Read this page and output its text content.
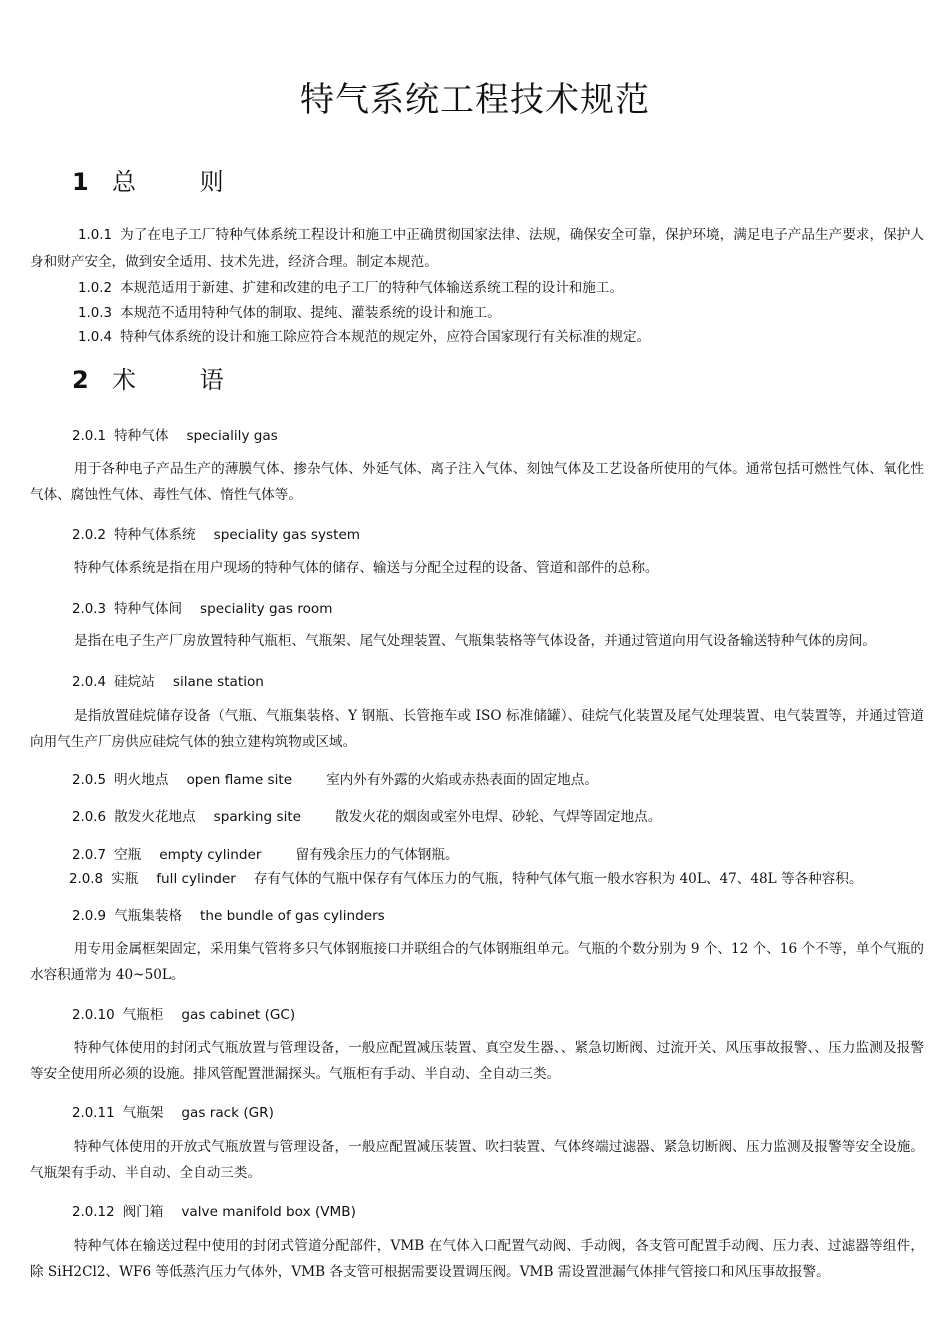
特气系统工程技术规范
1 总 则
1.0.1 为了在电子工厂特种气体系统工程设计和施工中正确贯彻国家法律、法规，确保安全可靠，保护环境，满足电子产品生产要求，保护人身和财产安全，做到安全适用、技术先进，经济合理。制定本规范。
1.0.2 本规范适用于新建、扩建和改建的电子工厂的特种气体输送系统工程的设计和施工。
1.0.3 本规范不适用特种气体的制取、提纯、灌装系统的设计和施工。
1.0.4 特种气体系统的设计和施工除应符合本规范的规定外，应符合国家现行有关标准的规定。
2 术 语
2.0.1 特种气体 specialily gas
用于各种电子产品生产的薄膜气体、掺杂气体、外延气体、离子注入气体、刻蚀气体及工艺设备所使用的气体。通常包括可燃性气体、氧化性气体、腐蚀性气体、毒性气体、惰性气体等。
2.0.2 特种气体系统 speciality gas system
特种气体系统是指在用户现场的特种气体的储存、输送与分配全过程的设备、管道和部件的总称。
2.0.3 特种气体间 speciality gas room
是指在电子生产厂房放置特种气瓶柜、气瓶架、尾气处理装置、气瓶集装格等气体设备，并通过管道向用气设备输送特种气体的房间。
2.0.4 硅烷站 silane station
是指放置硅烷储存设备（气瓶、气瓶集装格、Y 钢瓶、长管拖车或 ISO 标准储罐）、硅烷气化装置及尾气处理装置、电气装置等，并通过管道向用气生产厂房供应硅烷气体的独立建构筑物或区域。
2.0.5 明火地点 open flame site	室内外有外露的火焰或赤热表面的固定地点。
2.0.6 散发火花地点 sparking site	散发火花的烟囱或室外电焊、砂轮、气焊等固定地点。
2.0.7 空瓶 empty cylinder	留有残余压力的气体钢瓶。
2.0.8 实瓶 full cylinder 存有气体的气瓶中保存有气体压力的气瓶，特种气体气瓶一般水容积为 40L、47、48L 等各种容积。
2.0.9 气瓶集装格 the bundle of gas cylinders
用专用金属框架固定，采用集气管将多只气体钢瓶接口并联组合的气体钢瓶组单元。气瓶的个数分别为 9 个、12 个、16 个不等，单个气瓶的水容积通常为 40~50L。
2.0.10 气瓶柜 gas cabinet (GC)
特种气体使用的封闭式气瓶放置与管理设备，一般应配置减压装置、真空发生器、、紧急切断阀、过流开关、风压事故报警、、压力监测及报警等安全使用所必须的设施。排风管配置泄漏探头。气瓶柜有手动、半自动、全自动三类。
2.0.11 气瓶架 gas rack (GR)
特种气体使用的开放式气瓶放置与管理设备，一般应配置减压装置、吹扫装置、气体终端过滤器、紧急切断阀、压力监测及报警等安全设施。气瓶架有手动、半自动、全自动三类。
2.0.12 阀门箱 valve manifold box (VMB)
特种气体在输送过程中使用的封闭式管道分配部件，VMB 在气体入口配置气动阀、手动阀，各支管可配置手动阀、压力表、过滤器等组件，除 SiH2Cl2、WF6 等低蒸汽压力气体外，VMB 各支管可根据需要设置调压阀。VMB 需设置泄漏气体排气管接口和风压事故报警。
